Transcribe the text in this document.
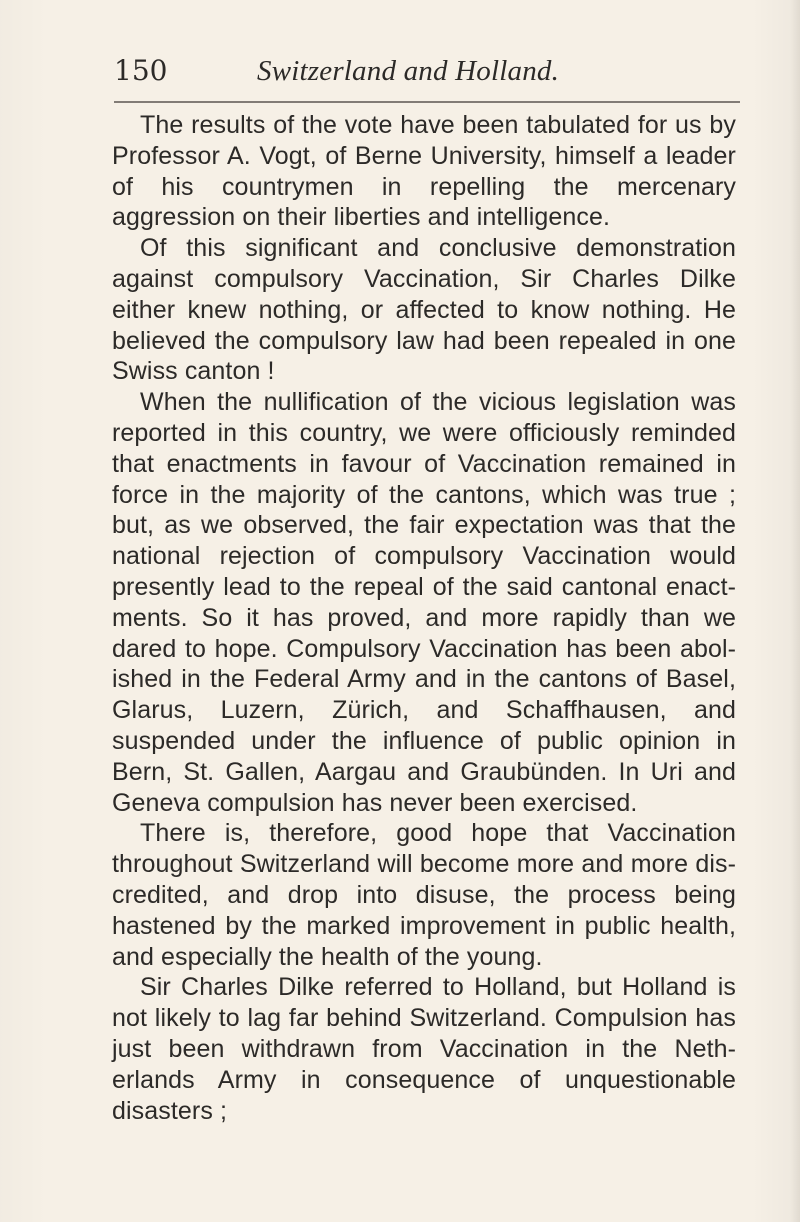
150	Switzerland and Holland.

The results of the vote have been tabulated for us by Professor A. Vogt, of Berne University, himself a leader of his countrymen in repelling the mercenary aggression on their liberties and intelligence.

Of this significant and conclusive demonstration against compulsory Vaccination, Sir Charles Dilke either knew nothing, or affected to know nothing. He believed the compulsory law had been repealed in one Swiss canton !

When the nullification of the vicious legislation was reported in this country, we were officiously reminded that enactments in favour of Vaccination remained in force in the majority of the cantons, which was true ; but, as we observed, the fair expectation was that the national rejection of compulsory Vaccination would presently lead to the repeal of the said cantonal enactments. So it has proved, and more rapidly than we dared to hope. Compulsory Vaccination has been abolished in the Federal Army and in the cantons of Basel, Glarus, Luzern, Zürich, and Schaffhausen, and suspended under the influence of public opinion in Bern, St. Gallen, Aargau and Graubünden. In Uri and Geneva compulsion has never been exercised.

There is, therefore, good hope that Vaccination throughout Switzerland will become more and more discredited, and drop into disuse, the process being hastened by the marked improvement in public health, and especially the health of the young.

Sir Charles Dilke referred to Holland, but Holland is not likely to lag far behind Switzerland. Compulsion has just been withdrawn from Vaccination in the Netherlands Army in consequence of unquestionable disasters ;
